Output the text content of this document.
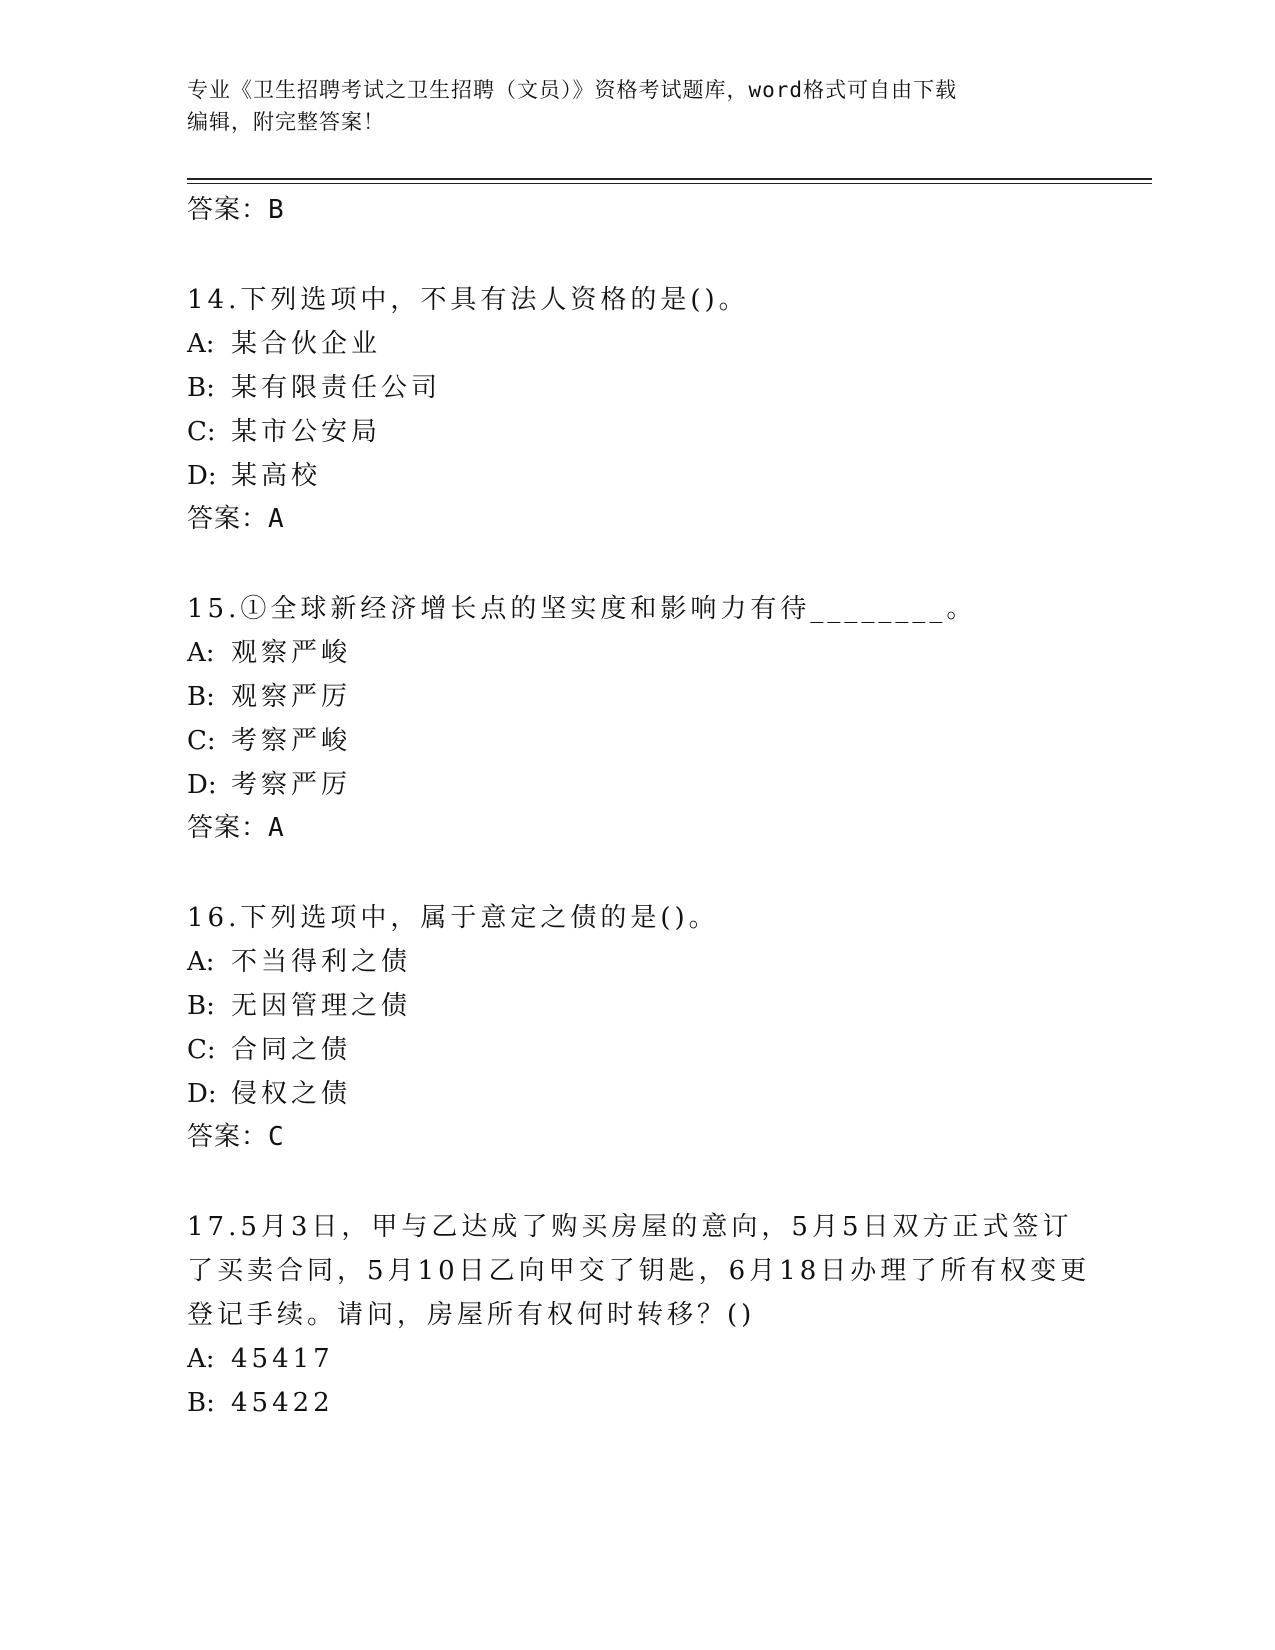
专业《卫生招聘考试之卫生招聘（文员）》资格考试题库，word格式可自由下载
编辑，附完整答案！
答案：B
14.下列选项中，不具有法人资格的是()。
A: 某合伙企业
B: 某有限责任公司
C: 某市公安局
D: 某高校
答案：A
15.①全球新经济增长点的坚实度和影响力有待________。
A: 观察严峻
B: 观察严厉
C: 考察严峻
D: 考察严厉
答案：A
16.下列选项中，属于意定之债的是()。
A: 不当得利之债
B: 无因管理之债
C: 合同之债
D: 侵权之债
答案：C
17.5月3日，甲与乙达成了购买房屋的意向，5月5日双方正式签订
了买卖合同，5月10日乙向甲交了钥匙，6月18日办理了所有权变更
登记手续。请问，房屋所有权何时转移？()
A: 45417
B: 45422
